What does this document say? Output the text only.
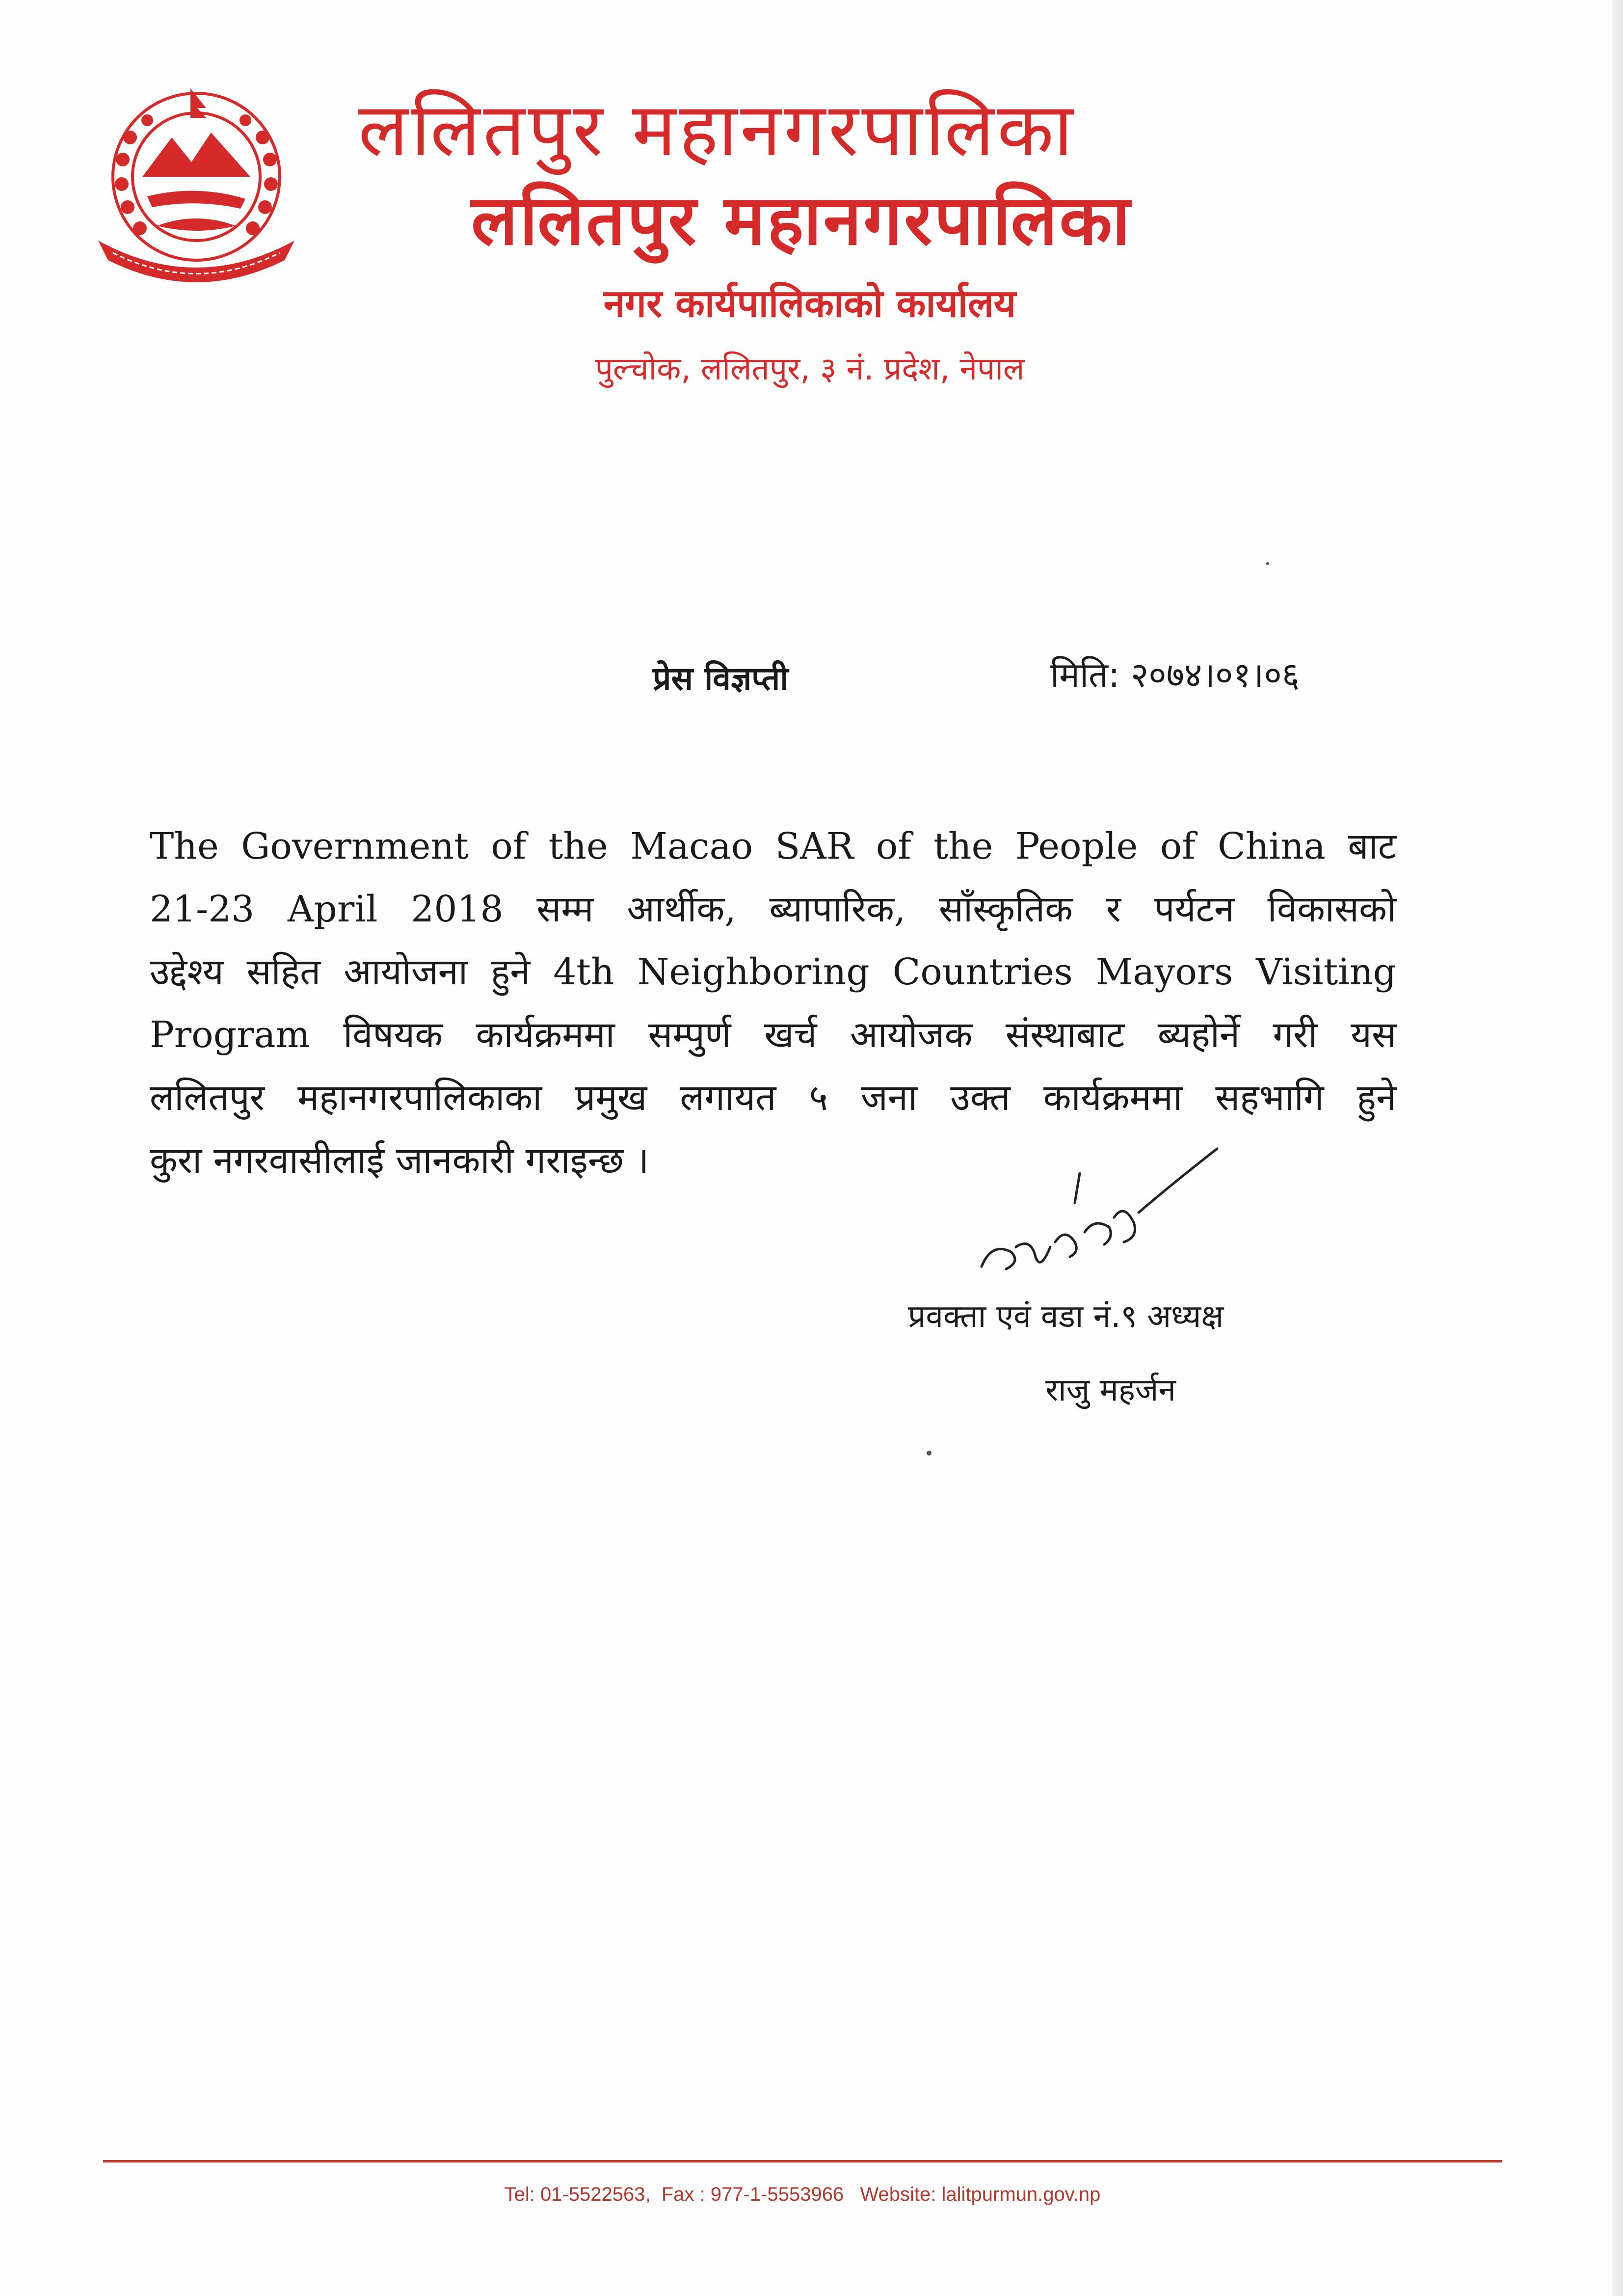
ललितपुर महानगरपालिका
ललितपुर महानगरपालिका
नगर कार्यपालिकाको कार्यालय
पुल्चोक, ललितपुर, ३ नं. प्रदेश, नेपाल
प्रेस विज्ञप्ती	मिति: २०७४।०१।०६
The Government of the Macao SAR of the People of China बाट
21-23 April 2018 सम्म आर्थीक, ब्यापारिक, साँस्कृतिक र पर्यटन विकासको
उद्देश्य सहित आयोजना हुने 4th Neighboring Countries Mayors Visiting
Program विषयक कार्यक्रममा सम्पुर्ण खर्च आयोजक संस्थाबाट ब्यहोर्ने गरी यस
ललितपुर महानगरपालिकाका प्रमुख लगायत ५ जना उक्त कार्यक्रममा सहभागि हुने
कुरा नगरवासीलाई जानकारी गराइन्छ ।
प्रवक्ता एवं वडा नं.९ अध्यक्ष
राजु महर्जन
Tel: 01-5522563,  Fax : 977-1-5553966   Website: lalitpurmun.gov.np
